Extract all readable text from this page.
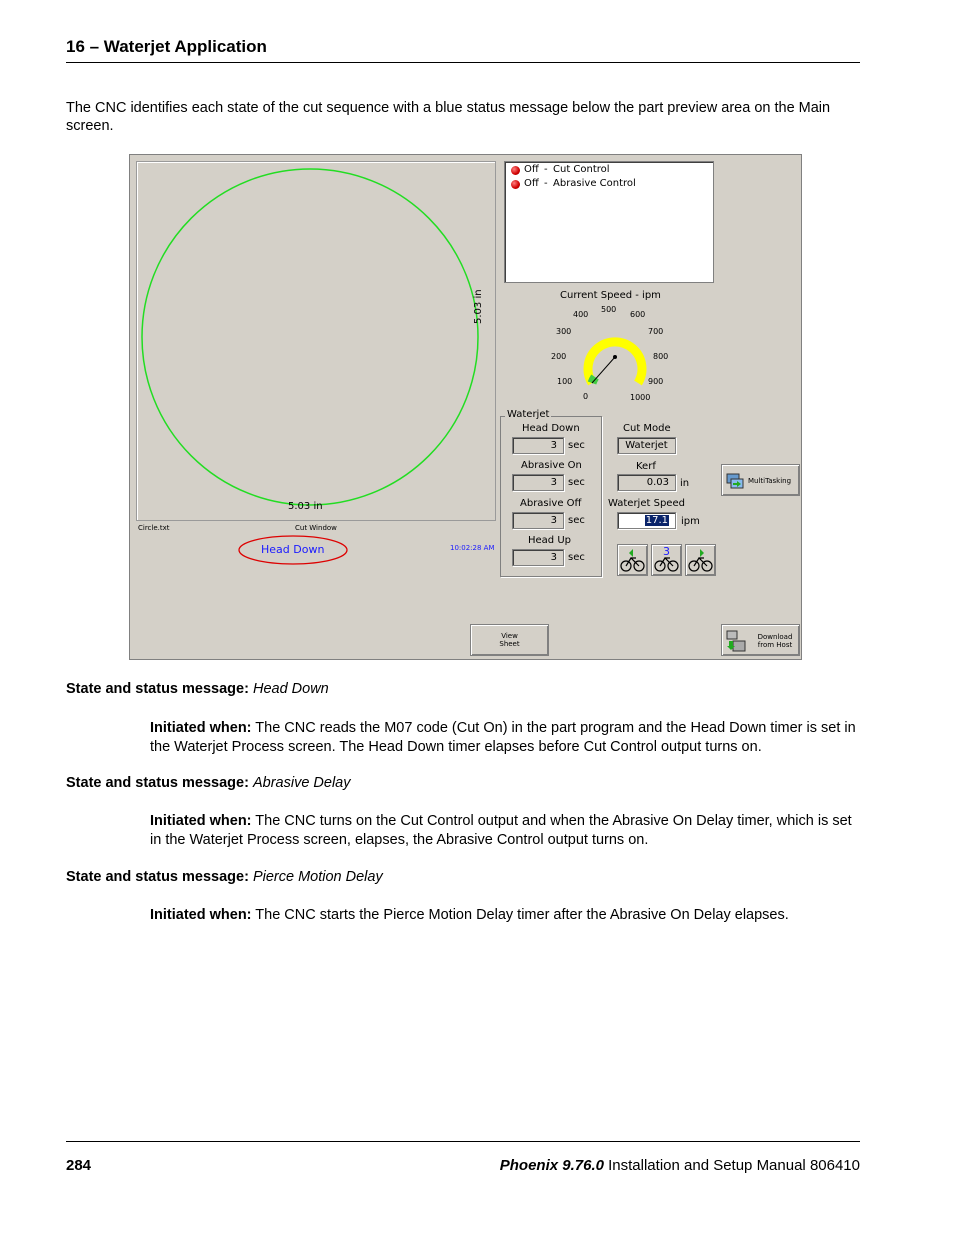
16 – Waterjet Application
The CNC identifies each state of the cut sequence with a blue status message below the part preview area on the Main screen.
5.03 in
5.03 in
Circle.txt	Cut Window
10:02:28 AM
Head Down
Off - Cut Control
Off - Abrasive Control
Current Speed - ipm
0
100
200
300
400
500
600
700
800
900
1000
Waterjet
Head Down
3	sec
Abrasive On
3	sec
Abrasive Off
3	sec
Head Up
3	sec
Cut Mode
Waterjet
Kerf
0.03	in
Waterjet Speed
17.1	ipm
3
MultiTasking
View
Sheet
Download
from Host
State and status message: Head Down
Initiated when: The CNC reads the M07 code (Cut On) in the part program and the Head Down timer is set in the Waterjet Process screen. The Head Down timer elapses before Cut Control output turns on.
State and status message: Abrasive Delay
Initiated when: The CNC turns on the Cut Control output and when the Abrasive On Delay timer, which is set in the Waterjet Process screen, elapses, the Abrasive Control output turns on.
State and status message: Pierce Motion Delay
Initiated when: The CNC starts the Pierce Motion Delay timer after the Abrasive On Delay elapses.
284	Phoenix 9.76.0 Installation and Setup Manual 806410
